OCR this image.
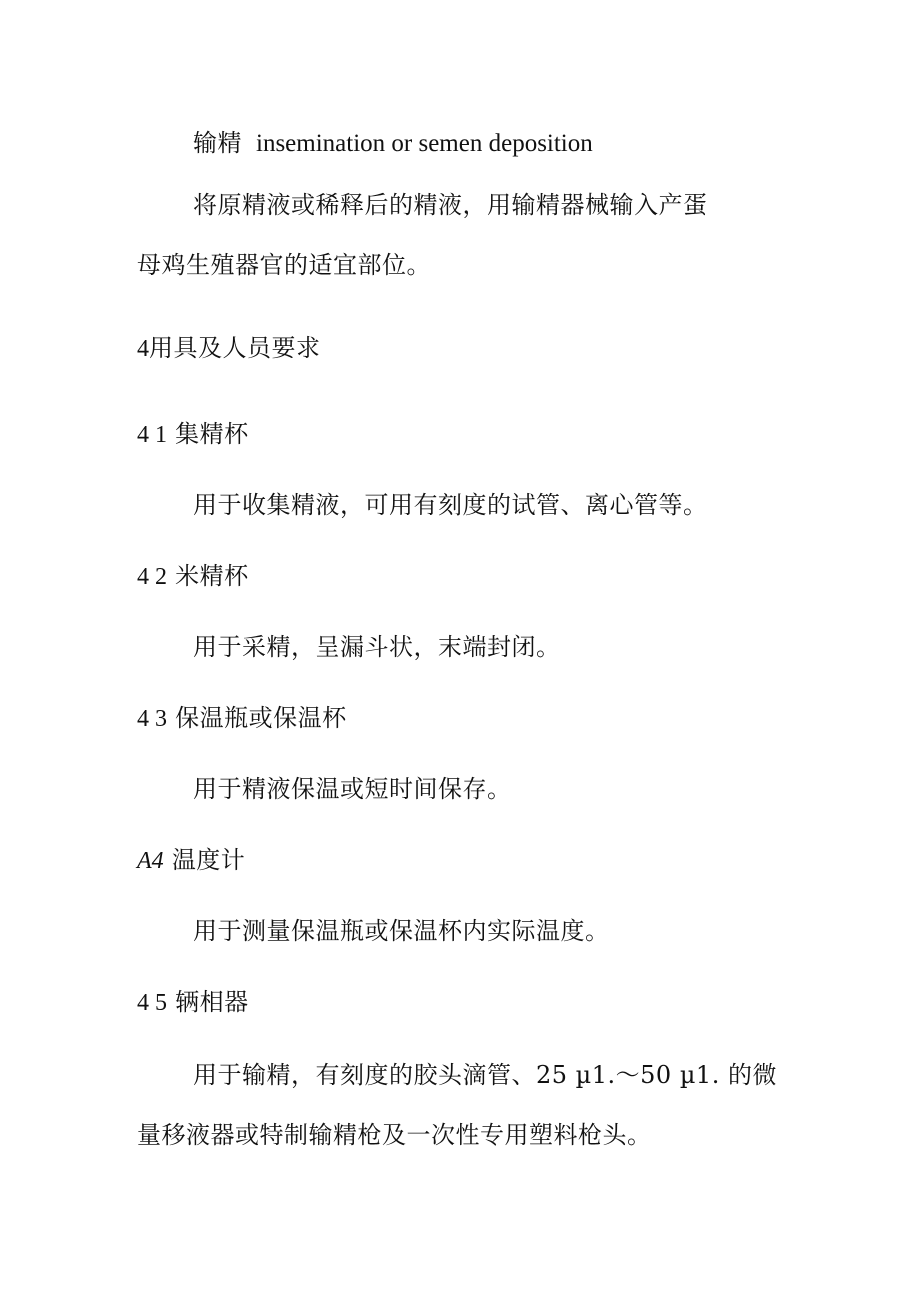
输精 insemination or semen deposition
将原精液或稀释后的精液，用输精器械输入产蛋
母鸡生殖器官的适宜部位。
4用具及人员要求
4 1 集精杯
用于收集精液，可用有刻度的试管、离心管等。
4 2 米精杯
用于采精，呈漏斗状，末端封闭。
4 3 保温瓶或保温杯
用于精液保温或短时间保存。
A4 温度计
用于测量保温瓶或保温杯内实际温度。
4 5 辆相器
用于输精，有刻度的胶头滴管、25 µ1.～50 µ1. 的微
量移液器或特制输精枪及一次性专用塑料枪头。
